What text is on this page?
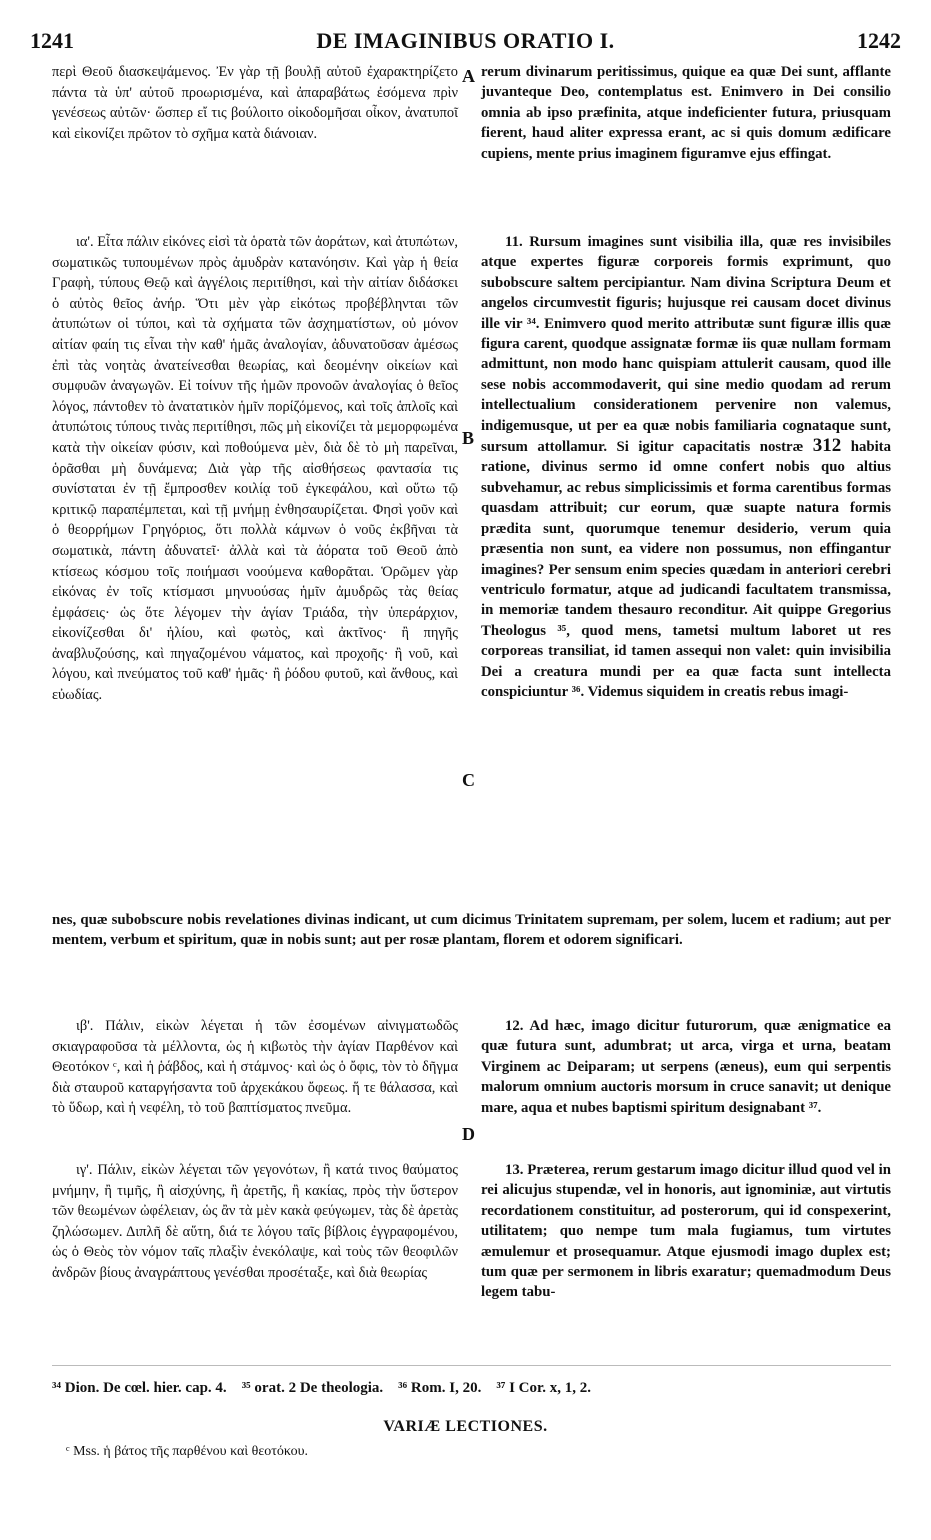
1241	DE IMAGINIBUS ORATIO I.	1242

περὶ Θεοῦ διασκεψάμενος. Ἐν γὰρ τῇ βουλῇ αὐτοῦ ἐχαρακτηρίζετο πάντα τὰ ὑπ' αὐτοῦ προωρισμένα, καὶ ἀπαραβάτως ἐσόμενα πρὶν γενέσεως αὐτῶν· ὥσπερ εἴ τις βούλοιτο οἰκοδομῆσαι οἶκον, ἀνατυποῖ καὶ εἰκονίζει πρῶτον τὸ σχῆμα κατὰ διάνοιαν.

ια'. Εἶτα πάλιν εἰκόνες εἰσὶ τὰ ὁρατὰ τῶν ἀοράτων, καὶ ἀτυπώτων, σωματικῶς τυπουμένων πρὸς ἀμυδρὰν κατανόησιν. Καὶ γὰρ ἡ θεία Γραφὴ, τύπους Θεῷ καὶ ἀγγέλοις περιτίθησι, καὶ τὴν αἰτίαν διδάσκει ὁ αὐτὸς θεῖος ἀνήρ. Ὅτι μὲν γὰρ εἰκότως προβέβληνται τῶν ἀτυπώτων οἱ τύποι, καὶ τὰ σχήματα τῶν ἀσχηματίστων, οὐ μόνον αἰτίαν φαίη τις εἶναι τὴν καθ' ἡμᾶς ἀναλογίαν, ἀδυνατοῦσαν ἀμέσως ἐπὶ τὰς νοητὰς ἀνατείνεσθαι θεωρίας, καὶ δεομένην οἰκείων καὶ συμφυῶν ἀναγωγῶν. Εἰ τοίνυν τῆς ἡμῶν προνοῶν ἀναλογίας ὁ θεῖος λόγος, πάντοθεν τὸ ἀνατατικὸν ἡμῖν πορίζόμενος, καὶ τοῖς ἁπλοῖς καὶ ἀτυπώτοις τύπους τινὰς περιτίθησι, πῶς μὴ εἰκονίζει τὰ μεμορφωμένα κατὰ τὴν οἰκείαν φύσιν, καὶ ποθούμενα μὲν, διὰ δὲ τὸ μὴ παρεῖναι, ὁρᾶσθαι μὴ δυνάμενα; Διὰ γὰρ τῆς αἰσθήσεως φαντασία τις συνίσταται ἐν τῇ ἔμπροσθεν κοιλίᾳ τοῦ ἐγκεφάλου, καὶ οὕτω τῷ κριτικῷ παραπέμπεται, καὶ τῇ μνήμῃ ἐνθησαυρίζεται. Φησὶ γοῦν καὶ ὁ θεορρήμων Γρηγόριος, ὅτι πολλὰ κάμνων ὁ νοῦς ἐκβῆναι τὰ σωματικὰ, πάντη ἀδυνατεῖ· ἀλλὰ καὶ τὰ ἀόρατα τοῦ Θεοῦ ἀπὸ κτίσεως κόσμου τοῖς ποιήμασι νοούμενα καθορᾶται. Ὁρῶμεν γὰρ εἰκόνας ἐν τοῖς κτίσμασι μηνυούσας ἡμῖν ἀμυδρῶς τὰς θείας ἐμφάσεις· ὡς ὅτε λέγομεν τὴν ἁγίαν Τριάδα, τὴν ὑπεράρχιον, εἰκονίζεσθαι δι' ἡλίου, καὶ φωτὸς, καὶ ἀκτῖνος· ἢ πηγῆς ἀναβλυζούσης, καὶ πηγαζομένου νάματος, καὶ προχοῆς· ἢ νοῦ, καὶ λόγου, καὶ πνεύματος τοῦ καθ' ἡμᾶς· ἢ ῥόδου φυτοῦ, καὶ ἄνθους, καὶ εὐωδίας.

ιβ'. Πάλιν, εἰκὼν λέγεται ἡ τῶν ἐσομένων αἰνιγματωδῶς σκιαγραφοῦσα τὰ μέλλοντα, ὡς ἡ κιβωτὸς τὴν ἁγίαν Παρθένον καὶ Θεοτόκον ᶜ, καὶ ἡ ῥάβδος, καὶ ἡ στάμνος· καὶ ὡς ὁ ὄφις, τὸν τὸ δῆγμα διὰ σταυροῦ καταργήσαντα τοῦ ἀρχεκάκου ὄφεως. ἥ τε θάλασσα, καὶ τὸ ὕδωρ, καὶ ἡ νεφέλη, τὸ τοῦ βαπτίσματος πνεῦμα.

ιγ'. Πάλιν, εἰκὼν λέγεται τῶν γεγονότων, ἢ κατά τινος θαύματος μνήμην, ἢ τιμῆς, ἢ αἰσχύνης, ἢ ἀρετῆς, ἢ κακίας, πρὸς τὴν ὕστερον τῶν θεωμένων ὠφέλειαν, ὡς ἂν τὰ μὲν κακὰ φεύγωμεν, τὰς δὲ ἀρετὰς ζηλώσωμεν. Διπλῆ δὲ αὕτη, διά τε λόγου ταῖς βίβλοις ἐγγραφομένου, ὡς ὁ Θεὸς τὸν νόμον ταῖς πλαξὶν ἐνεκόλαψε, καὶ τοὺς τῶν θεοφιλῶν ἀνδρῶν βίους ἀναγράπτους γενέσθαι προσέταξε, καὶ διὰ θεωρίας

A
B
C
D

rerum divinarum peritissimus, quique ea quæ Dei sunt, afflante juvanteque Deo, contemplatus est. Enimvero in Dei consilio omnia ab ipso præfinita, atque indeficienter futura, priusquam fierent, haud aliter expressa erant, ac si quis domum ædificare cupiens, mente prius imaginem figuramve ejus effingat.

11. Rursum imagines sunt visibilia illa, quæ res invisibiles atque expertes figuræ corporeis formis exprimunt, quo subobscure saltem percipiantur. Nam divina Scriptura Deum et angelos circumvestit figuris; hujusque rei causam docet divinus ille vir ³⁴. Enimvero quod merito attributæ sunt figuræ illis quæ figura carent, quodque assignatæ formæ iis quæ nullam formam admittunt, non modo hanc quispiam attulerit causam, quod ille sese nobis accommodaverit, qui sine medio quodam ad rerum intellectualium considerationem pervenire non valemus, indigemusque, ut per ea quæ nobis familiaria cognataque sunt, sursum attollamur. Si igitur capacitatis nostræ 312 habita ratione, divinus sermo id omne confert nobis quo altius subvehamur, ac rebus simplicissimis et forma carentibus formas quasdam attribuit; cur eorum, quæ suapte natura formis prædita sunt, quorumque tenemur desiderio, verum quia præsentia non sunt, ea videre non possumus, non effingantur imagines? Per sensum enim species quædam in anteriori cerebri ventriculo formatur, atque ad judicandi facultatem transmissa, in memoriæ tandem thesauro reconditur. Ait quippe Gregorius Theologus ³⁵, quod mens, tametsi multum laboret ut res corporeas transiliat, id tamen assequi non valet: quin invisibilia Dei a creatura mundi per ea quæ facta sunt intellecta conspiciuntur ³⁶. Videmus siquidem in creatis rebus imagi-

nes, quæ subobscure nobis revelationes divinas indicant, ut cum dicimus Trinitatem supremam, per solem, lucem et radium; aut per mentem, verbum et spiritum, quæ in nobis sunt; aut per rosæ plantam, florem et odorem significari.

12. Ad hæc, imago dicitur futurorum, quæ ænigmatice ea quæ futura sunt, adumbrat; ut arca, virga et urna, beatam Virginem ac Deiparam; ut serpens (æneus), eum qui serpentis malorum omnium auctoris morsum in cruce sanavit; ut denique mare, aqua et nubes baptismi spiritum designabant ³⁷.

13. Præterea, rerum gestarum imago dicitur illud quod vel in rei alicujus stupendæ, vel in honoris, aut ignominiæ, aut virtutis recordationem constituitur, ad posterorum, qui id conspexerint, utilitatem; quo nempe tum mala fugiamus, tum virtutes æmulemur et prosequamur. Atque ejusmodi imago duplex est; tum quæ per sermonem in libris exaratur; quemadmodum Deus legem tabu-

³⁴ Dion. De cœl. hier. cap. 4. ³⁵ orat. 2 De theologia. ³⁶ Rom. I, 20. ³⁷ I Cor. x, 1, 2.
VARIÆ LECTIONES.
ᶜ Mss. ἡ βάτος τῆς παρθένου καὶ θεοτόκου.
